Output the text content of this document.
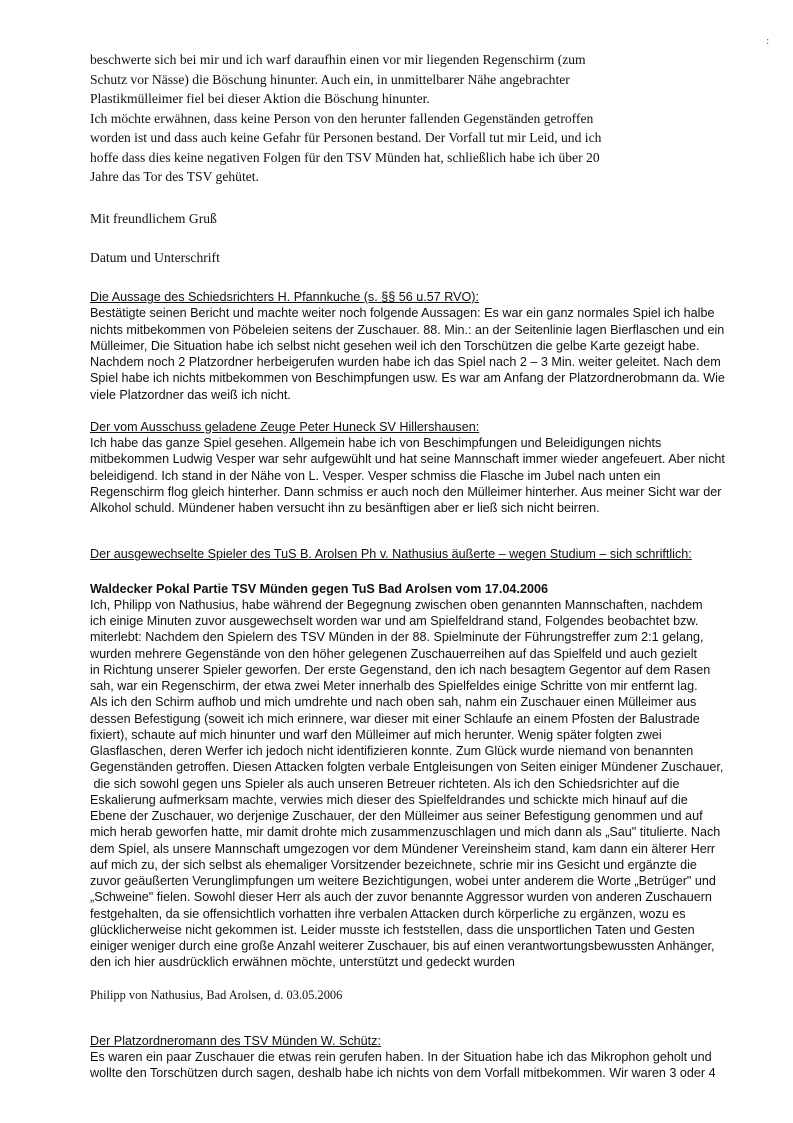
:
beschwerte sich bei mir und ich warf daraufhin einen vor mir liegenden Regenschirm (zum
Schutz vor Nässe) die Böschung hinunter. Auch ein, in unmittelbarer Nähe angebrachter
Plastikmülleimer fiel bei dieser Aktion die Böschung hinunter.
Ich möchte erwähnen, dass keine Person von den herunter fallenden Gegenständen getroffen
worden ist und dass auch keine Gefahr für Personen bestand. Der Vorfall tut mir Leid, und ich
hoffe dass dies keine negativen Folgen für den TSV Münden hat, schließlich habe ich über 20
Jahre das Tor des TSV gehütet.

Mit freundlichem Gruß

Datum und Unterschrift

Die Aussage des Schiedsrichters H. Pfannkuche (s. §§ 56 u.57 RVO):
Bestätigte seinen Bericht und machte weiter noch folgende Aussagen: Es war ein ganz normales Spiel ich halbe
nichts mitbekommen von Pöbeleien seitens der Zuschauer. 88. Min.: an der Seitenlinie lagen Bierflaschen und ein
Mülleimer, Die Situation habe ich selbst nicht gesehen weil ich den Torschützen die gelbe Karte gezeigt habe.
Nachdem noch 2 Platzordner herbeigerufen wurden habe ich das Spiel nach 2 – 3 Min. weiter geleitet. Nach dem
Spiel habe ich nichts mitbekommen von Beschimpfungen usw. Es war am Anfang der Platzordnerobmann da. Wie
viele Platzordner das weiß ich nicht.
Der vom Ausschuss geladene Zeuge Peter Huneck SV Hillershausen:
Ich habe das ganze Spiel gesehen. Allgemein habe ich von Beschimpfungen und Beleidigungen nichts
mitbekommen Ludwig Vesper war sehr aufgewühlt und hat seine Mannschaft immer wieder angefeuert. Aber nicht
beleidigend. Ich stand in der Nähe von L. Vesper. Vesper schmiss die Flasche im Jubel nach unten ein
Regenschirm flog gleich hinterher. Dann schmiss er auch noch den Mülleimer hinterher. Aus meiner Sicht war der
Alkohol schuld. Mündener haben versucht ihn zu besänftigen aber er ließ sich nicht beirren.
Der ausgewechselte Spieler des TuS B. Arolsen Ph v. Nathusius äußerte – wegen Studium – sich schriftlich:
Waldecker Pokal Partie TSV Münden gegen TuS Bad Arolsen vom 17.04.2006
Ich, Philipp von Nathusius, habe während der Begegnung zwischen oben genannten Mannschaften, nachdem
ich einige Minuten zuvor ausgewechselt worden war und am Spielfeldrand stand, Folgendes beobachtet bzw.
miterlebt: Nachdem den Spielern des TSV Münden in der 88. Spielminute der Führungstreffer zum 2:1 gelang,
wurden mehrere Gegenstände von den höher gelegenen Zuschauerreihen auf das Spielfeld und auch gezielt
in Richtung unserer Spieler geworfen. Der erste Gegenstand, den ich nach besagtem Gegentor auf dem Rasen
sah, war ein Regenschirm, der etwa zwei Meter innerhalb des Spielfeldes einige Schritte von mir entfernt lag.
Als ich den Schirm aufhob und mich umdrehte und nach oben sah, nahm ein Zuschauer einen Mülleimer aus
dessen Befestigung (soweit ich mich erinnere, war dieser mit einer Schlaufe an einem Pfosten der Balustrade
fixiert), schaute auf mich hinunter und warf den Mülleimer auf mich herunter. Wenig später folgten zwei
Glasflaschen, deren Werfer ich jedoch nicht identifizieren konnte. Zum Glück wurde niemand von benannten
Gegenständen getroffen. Diesen Attacken folgten verbale Entgleisungen von Seiten einiger Mündener Zuschauer,
die sich sowohl gegen uns Spieler als auch unseren Betreuer richteten. Als ich den Schiedsrichter auf die
Eskalierung aufmerksam machte, verwies mich dieser des Spielfeldrandes und schickte mich hinauf auf die
Ebene der Zuschauer, wo derjenige Zuschauer, der den Mülleimer aus seiner Befestigung genommen und auf
mich herab geworfen hatte, mir damit drohte mich zusammenzuschlagen und mich dann als „Sau" titulierte. Nach
dem Spiel, als unsere Mannschaft umgezogen vor dem Mündener Vereinsheim stand, kam dann ein älterer Herr
auf mich zu, der sich selbst als ehemaliger Vorsitzender bezeichnete, schrie mir ins Gesicht und ergänzte die
zuvor geäußerten Verunglimpfungen um weitere Bezichtigungen, wobei unter anderem die Worte „Betrüger" und
„Schweine" fielen. Sowohl dieser Herr als auch der zuvor benannte Aggressor wurden von anderen Zuschauern
festgehalten, da sie offensichtlich vorhatten ihre verbalen Attacken durch körperliche zu ergänzen, wozu es
glücklicherweise nicht gekommen ist. Leider musste ich feststellen, dass die unsportlichen Taten und Gesten
einiger weniger durch eine große Anzahl weiterer Zuschauer, bis auf einen verantwortungsbewussten Anhänger,
den ich hier ausdrücklich erwähnen möchte, unterstützt und gedeckt wurden
Philipp von Nathusius, Bad Arolsen, d. 03.05.2006
Der Platzordneromann des TSV Münden W. Schütz:
Es waren ein paar Zuschauer die etwas rein gerufen haben. In der Situation habe ich das Mikrophon geholt und
wollte den Torschützen durch sagen, deshalb habe ich nichts von dem Vorfall mitbekommen. Wir waren 3 oder 4
